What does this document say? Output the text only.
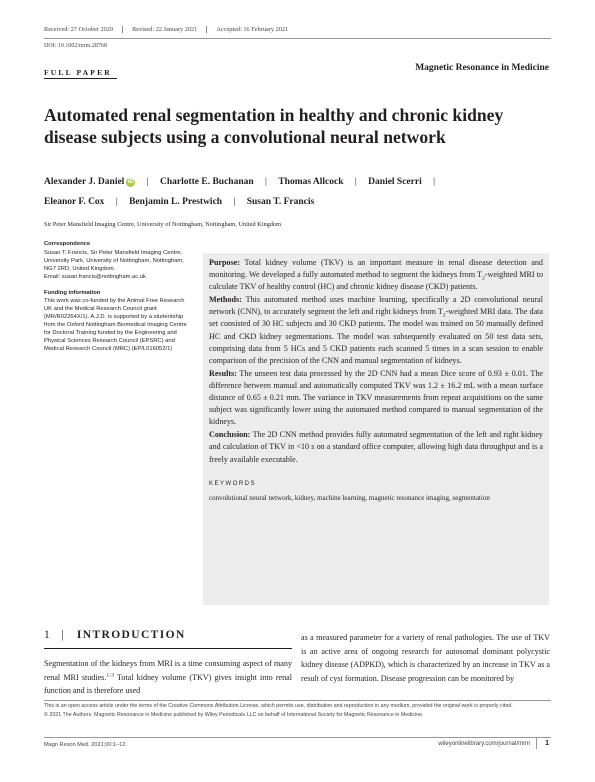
Received: 27 October 2020	Revised: 22 January 2021	Accepted: 16 February 2021
DOI: 10.1002/mrm.28768
FULL PAPER	Magnetic Resonance in Medicine
Automated renal segmentation in healthy and chronic kidney disease subjects using a convolutional neural network
Alexander J. Daniel iD | Charlotte E. Buchanan | Thomas Allcock | Daniel Scerri |
Eleanor F. Cox | Benjamin L. Prestwich | Susan T. Francis
Sir Peter Mansfield Imaging Centre, University of Nottingham, Nottingham, United Kingdom
Correspondence

Susan T. Francis, Sir Peter Mansfield Imaging Centre, University Park, University of Nottingham, Nottingham, NG7 2RD, United Kingdom.
Email: susan.francis@nottingham.ac.uk

Funding information

This work was co-funded by the Animal Free Research UK and the Medical Research Council grant (MR/R02264X/1). A.J.D. is supported by a studentship from the Oxford Nottingham Biomedical Imaging Centre for Doctoral Training funded by the Engineering and Physical Sciences Research Council (EPSRC) and Medical Research Council (MRC) (EP/L016052/1)

Purpose: Total kidney volume (TKV) is an important measure in renal disease detection and monitoring. We developed a fully automated method to segment the kidneys from $T_2$-weighted MRI to calculate TKV of healthy control (HC) and chronic kidney disease (CKD) patients.

Methods: This automated method uses machine learning, specifically a 2D convolutional neural network (CNN), to accurately segment the left and right kidneys from $T_2$-weighted MRI data. The data set consisted of 30 HC subjects and 30 CKD patients. The model was trained on 50 manually defined HC and CKD kidney segmentations. The model was subsequently evaluated on 50 test data sets, comprising data from 5 HCs and 5 CKD patients each scanned 5 times in a scan session to enable comparison of the precision of the CNN and manual segmentation of kidneys.

Results: The unseen test data processed by the 2D CNN had a mean Dice score of 0.93 ± 0.01. The difference between manual and automatically computed TKV was 1.2 ± 16.2 mL with a mean surface distance of 0.65 ± 0.21 mm. The variance in TKV measurements from repeat acquisitions on the same subject was significantly lower using the automated method compared to manual segmentation of the kidneys.

Conclusion: The 2D CNN method provides fully automated segmentation of the left and right kidney and calculation of TKV in <10 s on a standard office computer, allowing high data throughput and is a freely available executable.

KEYWORDS
convolutional neural network, kidney, machine learning, magnetic resonance imaging, segmentation
1 | INTRODUCTION

Segmentation of the kidneys from MRI is a time consuming aspect of many renal MRI studies.$^{1-3}$ Total kidney volume (TKV) gives insight into renal function and is therefore used

as a measured parameter for a variety of renal pathologies. The use of TKV is an active area of ongoing research for autosomal dominant polycystic kidney disease (ADPKD), which is characterized by an increase in TKV as a result of cyst formation. Disease progression can be monitored by

This is an open access article under the terms of the Creative Commons Attribution License, which permits use, distribution and reproduction in any medium, provided the original work is properly cited.

© 2021 The Authors. Magnetic Resonance in Medicine published by Wiley Periodicals LLC on behalf of International Society for Magnetic Resonance in Medicine.

Magn Reson Med. 2021;00:1–12.	wileyonlinelibrary.com/journal/mrm 1
